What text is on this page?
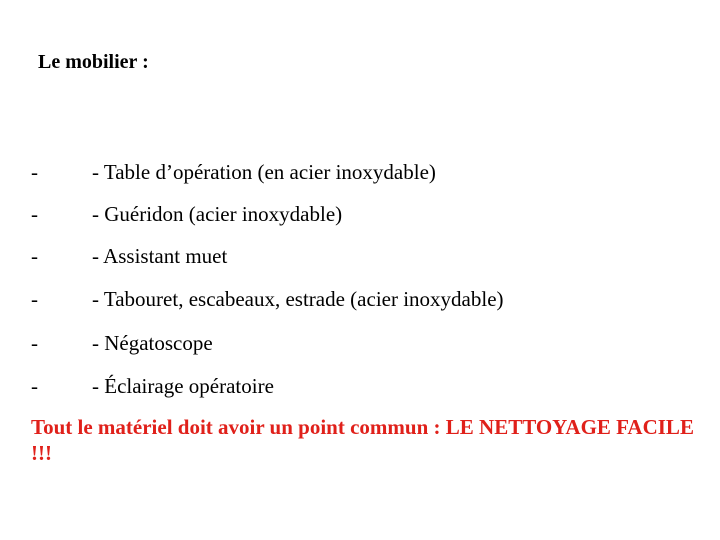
Le mobilier :
-	- Table d’opération (en acier inoxydable)
-	- Guéridon (acier inoxydable)
-	- Assistant muet
-	- Tabouret, escabeaux, estrade (acier inoxydable)
-	- Négatoscope
-	- Éclairage opératoire
Tout le matériel doit avoir un point commun : LE NETTOYAGE FACILE !!!
